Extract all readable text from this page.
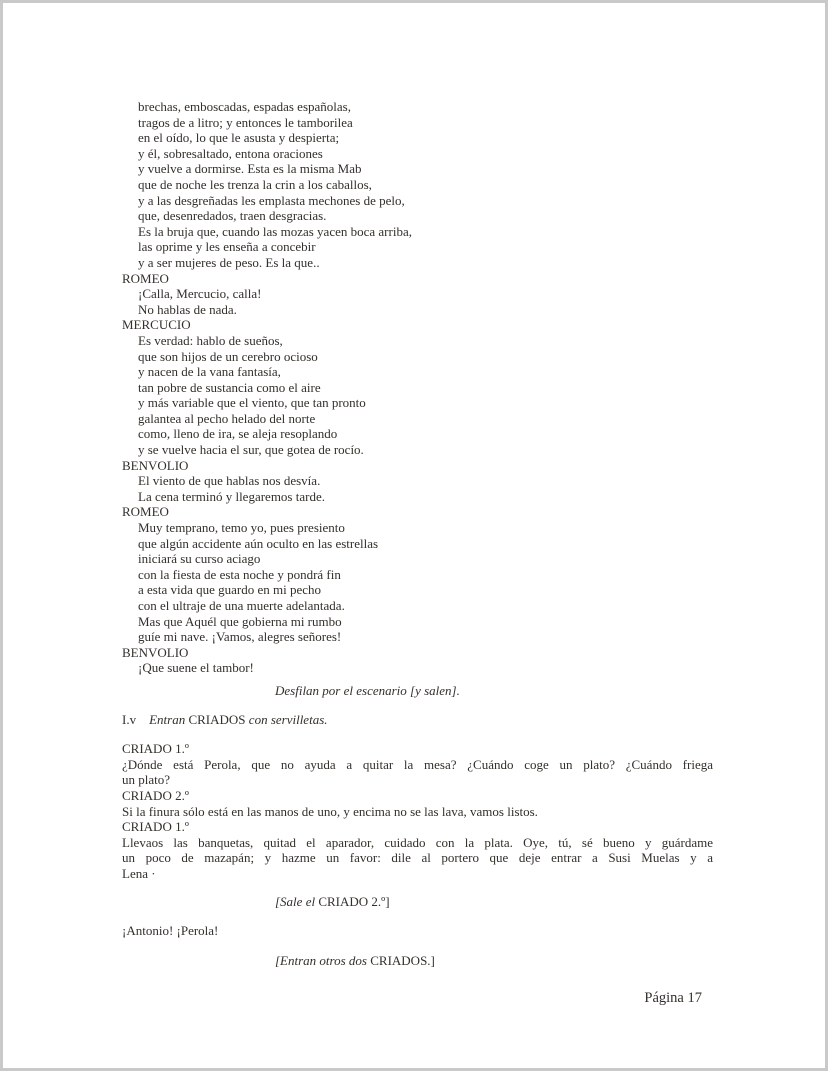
brechas, emboscadas, espadas españolas,
tragos de a litro; y entonces le tamborilea
en el oído, lo que le asusta y despierta;
y él, sobresaltado, entona oraciones
y vuelve a dormirse. Esta es la misma Mab
que de noche les trenza la crin a los caballos,
y a las desgreñadas les emplasta mechones de pelo,
que, desenredados, traen desgracias.
Es la bruja que, cuando las mozas yacen boca arriba,
las oprime y les enseña a concebir
y a ser mujeres de peso. Es la que..
ROMEO
¡Calla, Mercucio, calla!
No hablas de nada.
MERCUCIO
Es verdad: hablo de sueños,
que son hijos de un cerebro ocioso
y nacen de la vana fantasía,
tan pobre de sustancia como el aire
y más variable que el viento, que tan pronto
galantea al pecho helado del norte
como, lleno de ira, se aleja resoplando
y se vuelve hacia el sur, que gotea de rocío.
BENVOLIO
El viento de que hablas nos desvía.
La cena terminó y llegaremos tarde.
ROMEO
Muy temprano, temo yo, pues presiento
que algún accidente aún oculto en las estrellas
iniciará su curso aciago
con la fiesta de esta noche y pondrá fin
a esta vida que guardo en mi pecho
con el ultraje de una muerte adelantada.
Mas que Aquél que gobierna mi rumbo
guíe mi nave. ¡Vamos, alegres señores!
BENVOLIO
¡Que suene el tambor!
Desfilan por el escenario [y salen].
I.v Entran CRIADOS con servilletas.
CRIADO 1.º
¿Dónde está Perola, que no ayuda a quitar la mesa? ¿Cuándo coge un plato? ¿Cuándo friega
un plato?
CRIADO 2.º
Si la finura sólo está en las manos de uno, y encima no se las lava, vamos listos.
CRIADO 1.º
Llevaos las banquetas, quitad el aparador, cuidado con la plata. Oye, tú, sé bueno y guárdame
un poco de mazapán; y hazme un favor: dile al portero que deje entrar a Susi Muelas y a
Lena ·
[Sale el CRIADO 2.º]
¡Antonio! ¡Perola!
[Entran otros dos CRIADOS.]
Página 17
